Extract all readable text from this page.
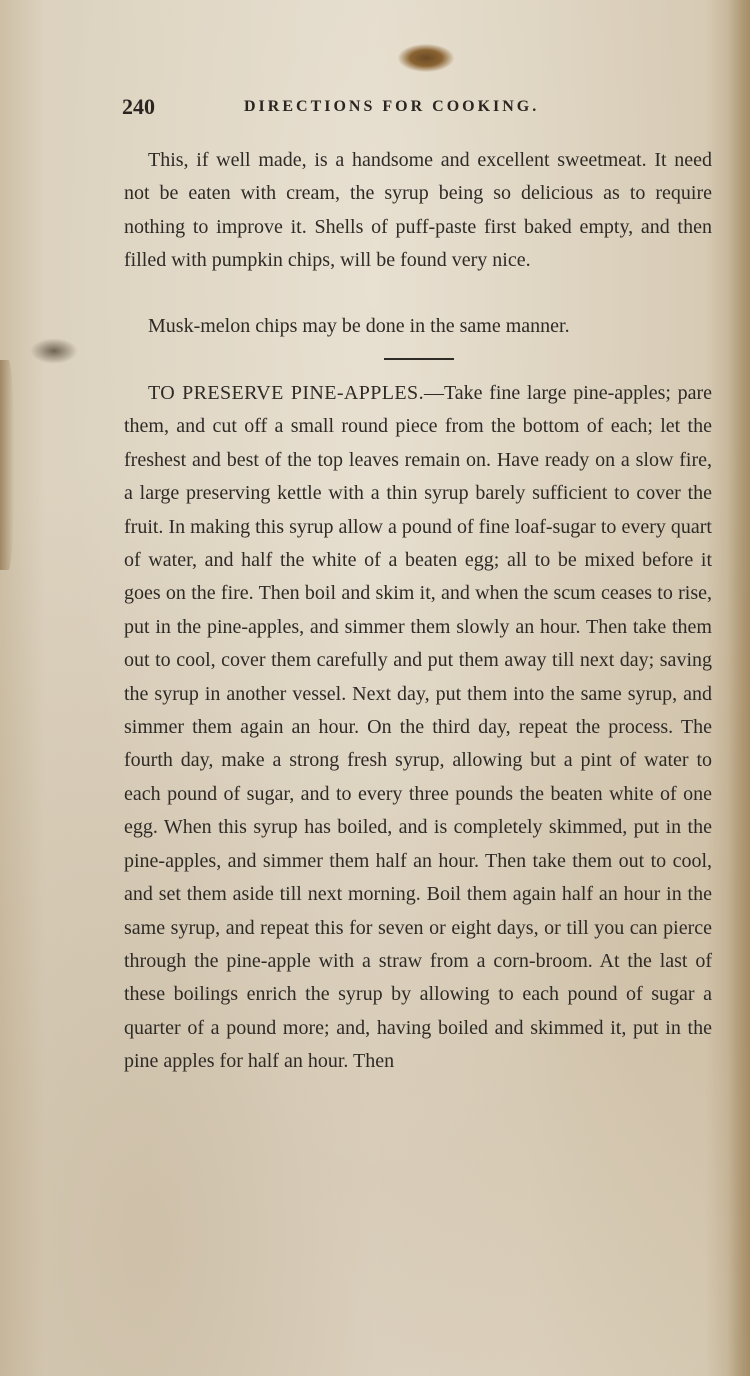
240	DIRECTIONS FOR COOKING.

This, if well made, is a handsome and excellent sweetmeat. It need not be eaten with cream, the syrup being so delicious as to require nothing to improve it. Shells of puff-paste first baked empty, and then filled with pumpkin chips, will be found very nice.

Musk-melon chips may be done in the same manner.

TO PRESERVE PINE-APPLES.—Take fine large pine-apples; pare them, and cut off a small round piece from the bottom of each; let the freshest and best of the top leaves remain on. Have ready on a slow fire, a large preserving kettle with a thin syrup barely sufficient to cover the fruit. In making this syrup allow a pound of fine loaf-sugar to every quart of water, and half the white of a beaten egg; all to be mixed before it goes on the fire. Then boil and skim it, and when the scum ceases to rise, put in the pine-apples, and simmer them slowly an hour. Then take them out to cool, cover them carefully and put them away till next day; saving the syrup in another vessel. Next day, put them into the same syrup, and simmer them again an hour. On the third day, repeat the process. The fourth day, make a strong fresh syrup, allowing but a pint of water to each pound of sugar, and to every three pounds the beaten white of one egg. When this syrup has boiled, and is completely skimmed, put in the pine-apples, and simmer them half an hour. Then take them out to cool, and set them aside till next morning. Boil them again half an hour in the same syrup, and repeat this for seven or eight days, or till you can pierce through the pine-apple with a straw from a corn-broom. At the last of these boilings enrich the syrup by allowing to each pound of sugar a quarter of a pound more; and, having boiled and skimmed it, put in the pine apples for half an hour. Then
